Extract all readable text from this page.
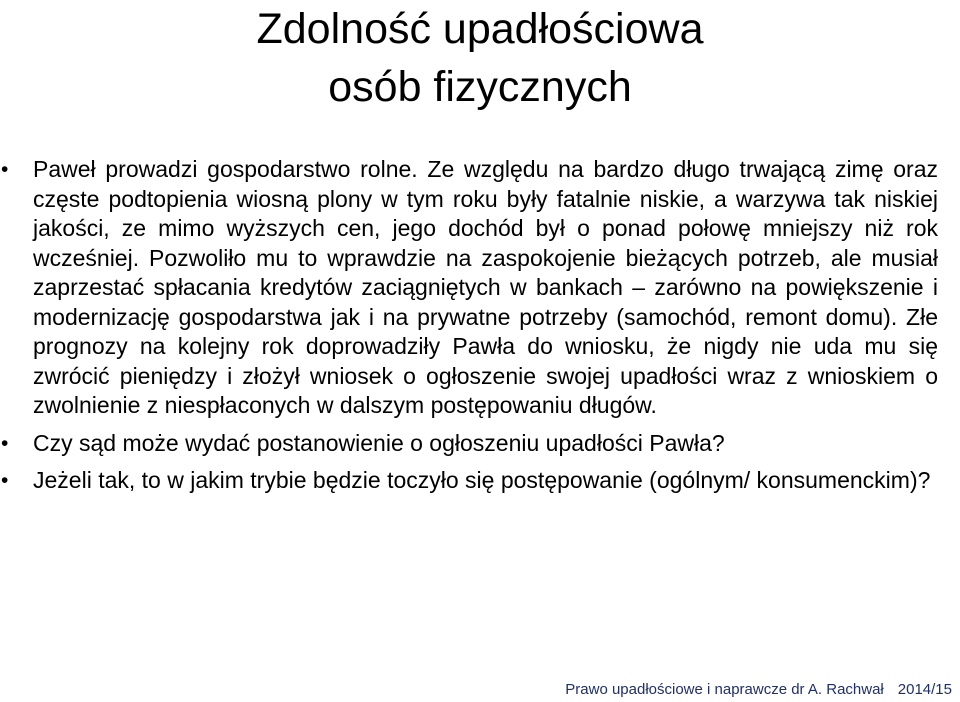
Zdolność upadłościowa
osób fizycznych
• Paweł prowadzi gospodarstwo rolne. Ze względu na bardzo długo trwającą zimę oraz częste podtopienia wiosną plony w tym roku były fatalnie niskie, a warzywa tak niskiej jakości, ze mimo wyższych cen, jego dochód był o ponad połowę mniejszy niż rok wcześniej. Pozwoliło mu to wprawdzie na zaspokojenie bieżących potrzeb, ale musiał zaprzestać spłacania kredytów zaciągniętych w bankach – zarówno na powiększenie i modernizację gospodarstwa jak i na prywatne potrzeby (samochód, remont domu). Złe prognozy na kolejny rok doprowadziły Pawła do wniosku, że nigdy nie uda mu się zwrócić pieniędzy i złożył wniosek o ogłoszenie swojej upadłości wraz z wnioskiem o zwolnienie z niespłaconych w dalszym postępowaniu długów.
• Czy sąd może wydać postanowienie o ogłoszeniu upadłości Pawła?
• Jeżeli tak, to w jakim trybie będzie toczyło się postępowanie (ogólnym/ konsumenckim)?
Prawo upadłościowe i naprawcze dr A. Rachwał 2014/15
